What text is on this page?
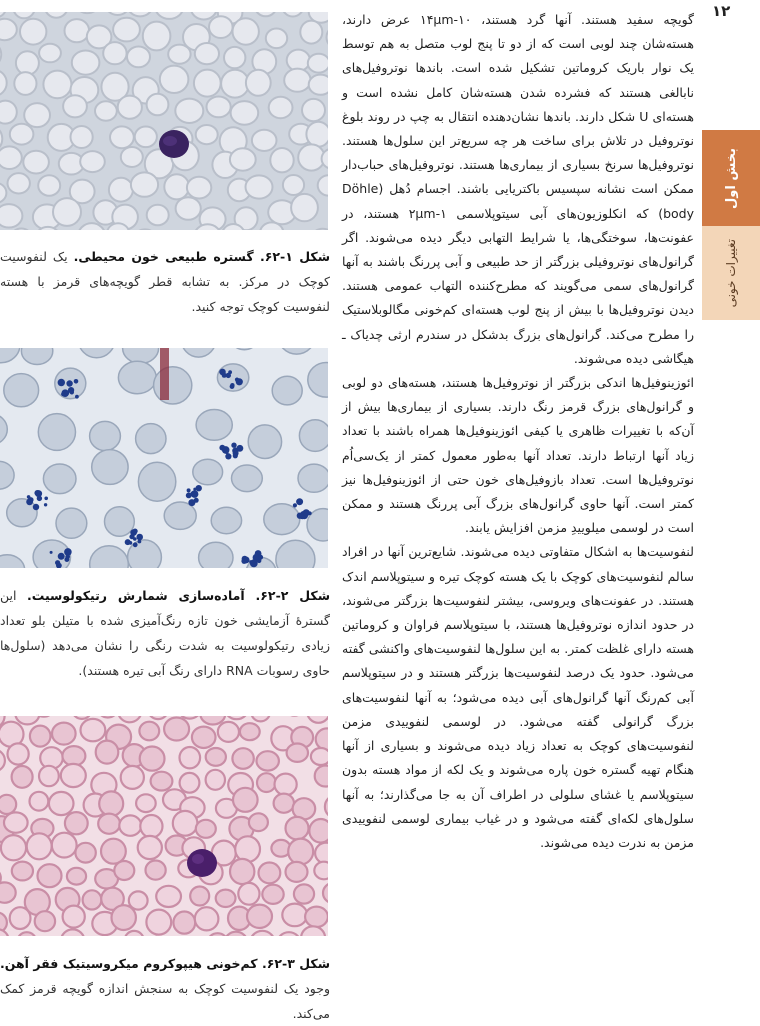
۱۲
بخش اول
تغییرات خونی
شکل ۱-۶۲. گستره طبیعی خون محیطی. یک لنفوسیت کوچک در مرکز. به تشابه قطر گویچه‌های قرمز با هسته لنفوسیت کوچک توجه کنید.
شکل ۲-۶۲. آماده‌سازی شمارش رتیکولوسیت. این گسترهٔ آزمایشی خون تازه رنگ‌آمیزی شده با متیلن بلو تعداد زیادی رتیکولوسیت به شدت رنگی را نشان می‌دهد (سلول‌ها حاوی رسوبات RNA دارای رنگ آبی تیره هستند).
شکل ۳-۶۲. کم‌خونی هیپوکروم میکروسیتیک فقر آهن. وجود یک لنفوسیت کوچک به سنجش اندازه گویچه قرمز کمک می‌کند.

گویچه سفید هستند. آنها گرد هستند، ۱۰-۱۴μm عرض دارند، هسته‌شان چند لوبی است که از دو تا پنج لوب متصل به هم توسط یک نوار باریک کروماتین تشکیل شده است. باندها نوتروفیل‌های نابالغی هستند که فشرده شدن هسته‌شان کامل نشده است و هسته‌ای U شکل دارند. باندها نشان‌دهنده انتقال به چپ در روند بلوغ نوتروفیل در تلاش برای ساخت هر چه سریع‌تر این سلول‌ها هستند. نوتروفیل‌ها سرنخ بسیاری از بیماری‌ها هستند. نوتروفیل‌های حباب‌دار ممکن است نشانه سپسیس باکتریایی باشند. اجسام دُهل (Döhle body) که انکلوزیون‌های آبی سیتوپلاسمی ۱-۲μm هستند، در عفونت‌ها، سوختگی‌ها، یا شرایط التهابی دیگر دیده می‌شوند. اگر گرانول‌های نوتروفیلی بزرگتر از حد طبیعی و آبی پررنگ باشند به آنها گرانول‌های سمی می‌گویند که مطرح‌کننده التهاب عمومی هستند. دیدن نوتروفیل‌ها با بیش از پنج لوب هسته‌ای کم‌خونی مگالوبلاستیک را مطرح می‌کند. گرانول‌های بزرگ بدشکل در سندرم ارثی چدیاک ـ هیگاشی دیده می‌شوند.

ائوزینوفیل‌ها اندکی بزرگتر از نوتروفیل‌ها هستند، هسته‌های دو لوبی و گرانول‌های بزرگ قرمز رنگ دارند. بسیاری از بیماری‌ها بیش از آن‌که با تغییرات ظاهری یا کیفی ائوزینوفیل‌ها همراه باشند با تعداد زیاد آنها ارتباط دارند. تعداد آنها به‌طور معمول کمتر از یک‌سی‌اُم نوتروفیل‌ها است. تعداد بازوفیل‌های خون حتی از ائوزینوفیل‌ها نیز کمتر است. آنها حاوی گرانول‌های بزرگ آبی پررنگ هستند و ممکن است در لوسمی میلوییدِ مزمن افزایش یابند.

لنفوسیت‌ها به اشکال متفاوتی دیده می‌شوند. شایع‌ترین آنها در افراد سالم لنفوسیت‌های کوچک با یک هسته کوچک تیره و سیتوپلاسم اندک هستند. در عفونت‌های ویروسی، بیشتر لنفوسیت‌ها بزرگتر می‌شوند، در حدود اندازه نوتروفیل‌ها هستند، با سیتوپلاسم فراوان و کروماتین هسته دارای غلظت کمتر. به این سلول‌ها لنفوسیت‌های واکنشی گفته می‌شود. حدود یک درصد لنفوسیت‌ها بزرگتر هستند و در سیتوپلاسم آبی کم‌رنگ آنها گرانول‌های آبی دیده می‌شود؛ به آنها لنفوسیت‌های بزرگ گرانولی گفته می‌شود. در لوسمی لنفوییدی مزمن لنفوسیت‌های کوچک به تعداد زیاد دیده می‌شوند و بسیاری از آنها هنگام تهیه گستره خون پاره می‌شوند و یک لکه از مواد هسته بدون سیتوپلاسم یا غشای سلولی در اطراف آن به جا می‌گذارند؛ به آنها سلول‌های لکه‌ای گفته می‌شود و در غیاب بیماری لوسمی لنفوییدی مزمن به ندرت دیده می‌شوند.
